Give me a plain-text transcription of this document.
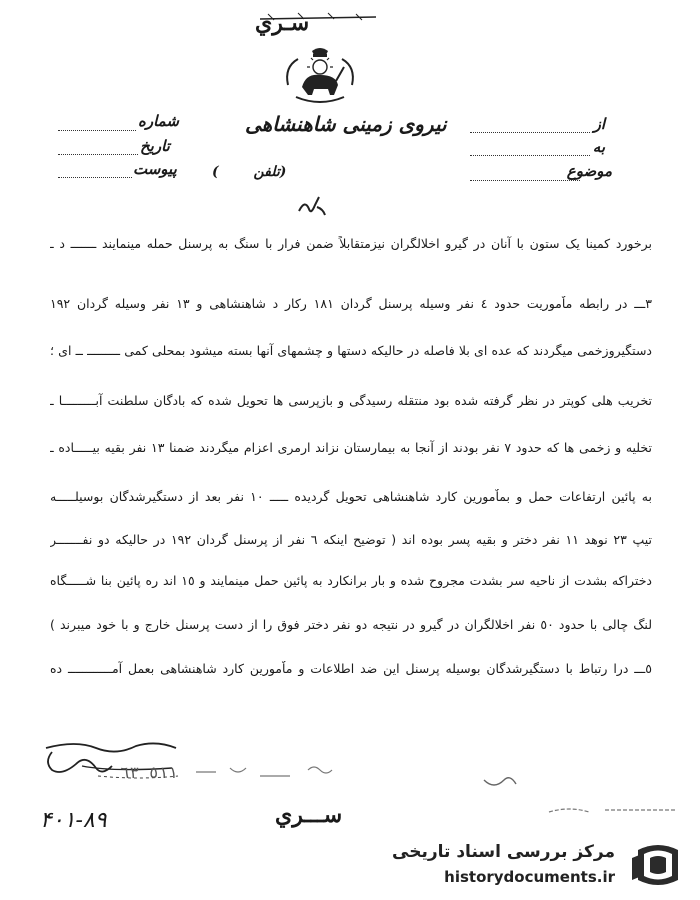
سـري
نیروی زمینی شاهنشاهی	از
به
موضوع
شماره
تاریخ
پیوست	(تلفن )
برخورد کمینا یک ستون با آنان در گیرو اخلالگران نیزمتقابلاً ضمن فرار با سنگ به پرسنل حمله مینمایند ـــــــ د ـ
۳ـــ در رابطه ماٌموریت حدود ٤ نفر وسیله پرسنل گردان ۱۸۱ رکار د شاهنشاهی و ۱۳ نفر وسیله گردان ۱۹۲
دستگیروزخمی میگردند که عده ای بلا فاصله در حالیکه دستها و چشمهای آنها بسته میشود بمحلی کمی ـــــــــ ــ ای ؛
تخریب هلی کوپتر در نظر گرفته شده بود منتقله رسیدگی و بازپرسی ها تحویل شده که بادگان سلطنت آبـــــــــا ـ
تخلیه و زخمی ها که حدود ۷ نفر بودند از آنجا به بیمارستان نزاند ارمری اعزام میگردند ضمنا ۱۳ نفر بقیه بیـــــاده ـ
به پائین ارتفاعات حمل و بماٌمورین کارد شاهنشاهی تحویل گردیده ـــــ ۱۰ نفر بعد از دستگیرشدگان بوسیلـــــه
تیپ ۲۳ نوهد ۱۱ نفر دختر و بقیه پسر بوده اند ( توضیح اینکه ٦ نفر از پرسنل گردان ۱۹۲ در حالیکه دو نفـــــــر
دختراکه بشدت از ناحیه سر بشدت مجروح شده و بار برانکارد به پائین حمل مینمایند و ١٥ اند ره پائین بنا شـــــگاه
لنگ چالی با حدود ٥٠ نفر اخلالگران در گیرو در نتیجه دو نفر دختر فوق را از دست پرسنل خارج و با خود میبرند )
٥ـــ درا رتباط با دستگیرشدگان بوسیله پرسنل این ضد اطلاعات و ماٌمورین کارد شاهنشاهی بعمل آمــــــــــــ ده
٥١١ ٦٣
ســـري
۴۰۱-۸۹
مرکز بررسی اسناد تاریخی
historydocuments.ir
